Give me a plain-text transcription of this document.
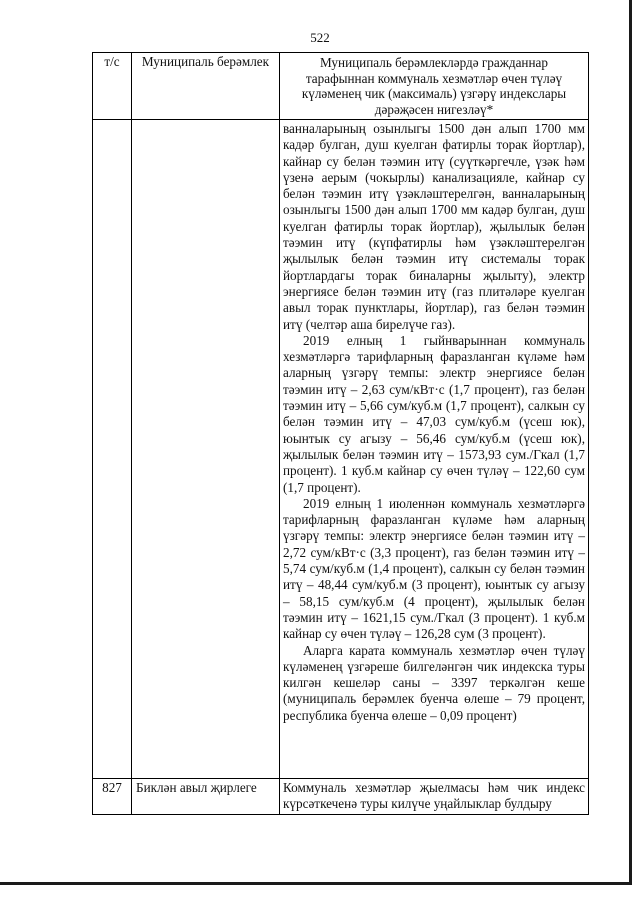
522
т/с	Муниципаль берәмлек	Муниципаль берәмлекләрдә гражданнар тарафыннан коммуналь хезмәтләр өчен түләү күләменең чик (максималь) үзгәрү индекслары дәрәҗәсен нигезләү*

		ванналарының озынлыгы 1500 дән алып 1700 мм кадәр булган, душ куелган фатирлы торак йортлар), кайнар су белән тәэмин итү (суүткәргечле, үзәк һәм үзенә аерым (чокырлы) канализацияле, кайнар су белән тәэмин итү үзәкләштерелгән, ванналарының озынлыгы 1500 дән алып 1700 мм кадәр булган, душ куелган фатирлы торак йортлар), җылылык белән тәэмин итү (күпфатирлы һәм үзәкләштерелгән җылылык белән тәэмин итү системалы торак йортлардагы торак биналарны җылыту), электр энергиясе белән тәэмин итү (газ плитәләре куелган авыл торак пунктлары, йортлар), газ белән тәэмин итү (челтәр аша бирелүче газ).

2019 елның 1 гыйнварыннан коммуналь хезмәтләргә тарифларның фаразланган күләме һәм аларның үзгәрү темпы: электр энергиясе белән тәэмин итү – 2,63 сум/кВт·с (1,7 процент), газ белән тәэмин итү – 5,66 сум/куб.м (1,7 процент), салкын су белән тәэмин итү – 47,03 сум/куб.м (үсеш юк), юынтык су агызу – 56,46 сум/куб.м (үсеш юк), җылылык белән тәэмин итү – 1573,93 сум./Гкал (1,7 процент). 1 куб.м кайнар су өчен түләү – 122,60 сум (1,7 процент).

2019 елның 1 июленнән коммуналь хезмәтләргә тарифларның фаразланган күләме һәм аларның үзгәрү темпы: электр энергиясе белән тәэмин итү – 2,72 сум/кВт·с (3,3 процент), газ белән тәэмин итү – 5,74 сум/куб.м (1,4 процент), салкын су белән тәэмин итү – 48,44 сум/куб.м (3 процент), юынтык су агызу – 58,15 сум/куб.м (4 процент), җылылык белән тәэмин итү – 1621,15 сум./Гкал (3 процент). 1 куб.м кайнар су өчен түләү – 126,28 сум (3 процент).

Аларга карата коммуналь хезмәтләр өчен түләү күләменең үзгәреше билгеләнгән чик индекска туры килгән кешеләр саны – 3397 теркәлгән кеше (муниципаль берәмлек буенча өлеше – 79 процент, республика буенча өлеше – 0,09 процент)

827	Биклән авыл җирлеге	Коммуналь хезмәтләр җыелмасы һәм чик индекс күрсәткеченә туры килүче уңайлыклар булдыру
